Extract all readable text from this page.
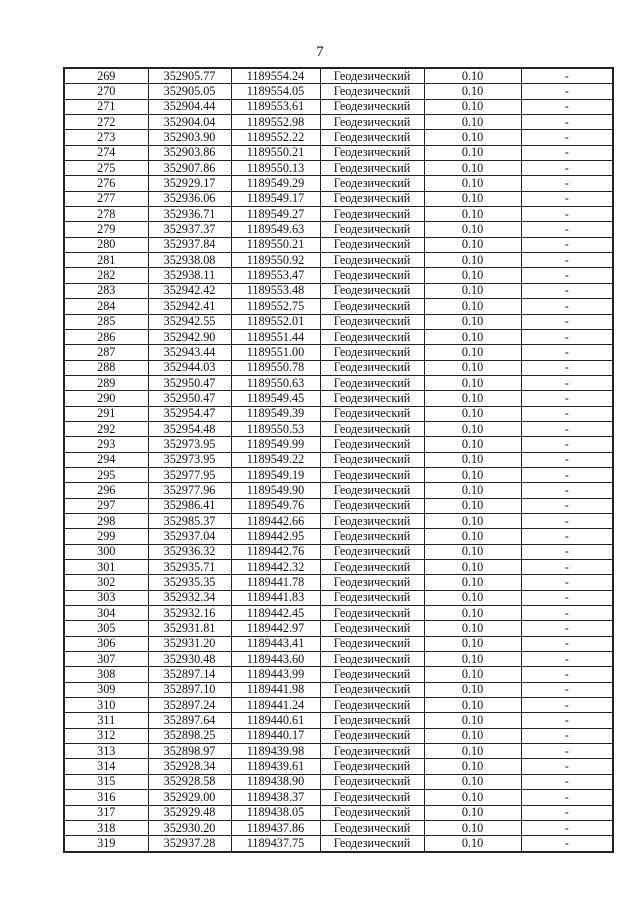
7
269	352905.77	1189554.24	Геодезический	0.10	-
270	352905.05	1189554.05	Геодезический	0.10	-
271	352904.44	1189553.61	Геодезический	0.10	-
272	352904.04	1189552.98	Геодезический	0.10	-
273	352903.90	1189552.22	Геодезический	0.10	-
274	352903.86	1189550.21	Геодезический	0.10	-
275	352907.86	1189550.13	Геодезический	0.10	-
276	352929.17	1189549.29	Геодезический	0.10	-
277	352936.06	1189549.17	Геодезический	0.10	-
278	352936.71	1189549.27	Геодезический	0.10	-
279	352937.37	1189549.63	Геодезический	0.10	-
280	352937.84	1189550.21	Геодезический	0.10	-
281	352938.08	1189550.92	Геодезический	0.10	-
282	352938.11	1189553.47	Геодезический	0.10	-
283	352942.42	1189553.48	Геодезический	0.10	-
284	352942.41	1189552.75	Геодезический	0.10	-
285	352942.55	1189552.01	Геодезический	0.10	-
286	352942.90	1189551.44	Геодезический	0.10	-
287	352943.44	1189551.00	Геодезический	0.10	-
288	352944.03	1189550.78	Геодезический	0.10	-
289	352950.47	1189550.63	Геодезический	0.10	-
290	352950.47	1189549.45	Геодезический	0.10	-
291	352954.47	1189549.39	Геодезический	0.10	-
292	352954.48	1189550.53	Геодезический	0.10	-
293	352973.95	1189549.99	Геодезический	0.10	-
294	352973.95	1189549.22	Геодезический	0.10	-
295	352977.95	1189549.19	Геодезический	0.10	-
296	352977.96	1189549.90	Геодезический	0.10	-
297	352986.41	1189549.76	Геодезический	0.10	-
298	352985.37	1189442.66	Геодезический	0.10	-
299	352937.04	1189442.95	Геодезический	0.10	-
300	352936.32	1189442.76	Геодезический	0.10	-
301	352935.71	1189442.32	Геодезический	0.10	-
302	352935.35	1189441.78	Геодезический	0.10	-
303	352932.34	1189441.83	Геодезический	0.10	-
304	352932.16	1189442.45	Геодезический	0.10	-
305	352931.81	1189442.97	Геодезический	0.10	-
306	352931.20	1189443.41	Геодезический	0.10	-
307	352930.48	1189443.60	Геодезический	0.10	-
308	352897.14	1189443.99	Геодезический	0.10	-
309	352897.10	1189441.98	Геодезический	0.10	-
310	352897.24	1189441.24	Геодезический	0.10	-
311	352897.64	1189440.61	Геодезический	0.10	-
312	352898.25	1189440.17	Геодезический	0.10	-
313	352898.97	1189439.98	Геодезический	0.10	-
314	352928.34	1189439.61	Геодезический	0.10	-
315	352928.58	1189438.90	Геодезический	0.10	-
316	352929.00	1189438.37	Геодезический	0.10	-
317	352929.48	1189438.05	Геодезический	0.10	-
318	352930.20	1189437.86	Геодезический	0.10	-
319	352937.28	1189437.75	Геодезический	0.10	-
